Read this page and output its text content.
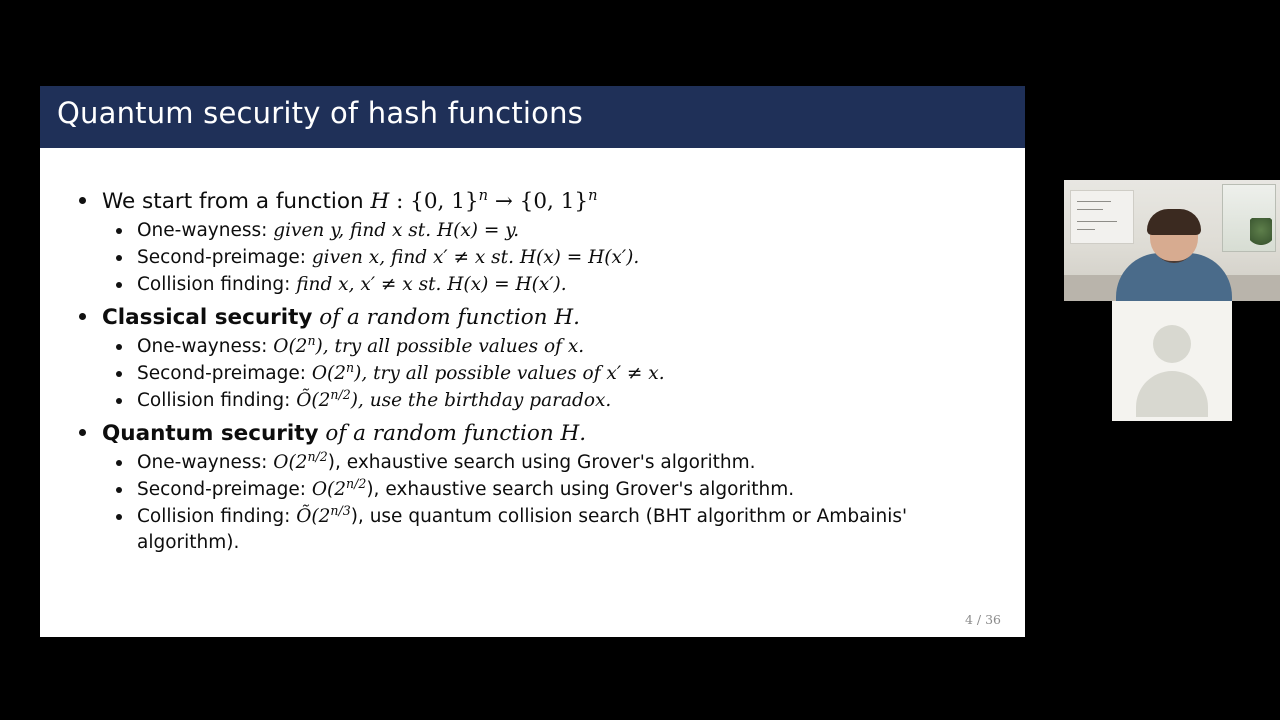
Quantum security of hash functions
We start from a function H : {0, 1}$^n$ → {0, 1}$^n$
One-wayness: given y, find x st. H(x) = y.
Second-preimage: given x, find x′ ≠ x st. H(x) = H(x′).
Collision finding: find x, x′ ≠ x st. H(x) = H(x′).
Classical security of a random function H.
One-wayness: O(2$^n$), try all possible values of x.
Second-preimage: O(2$^n$), try all possible values of x′ ≠ x.
Collision finding: $Õ(2^{n/2})$, use the birthday paradox.
Quantum security of a random function H.
One-wayness: $O(2^{n/2})$, exhaustive search using Grover's algorithm.
Second-preimage: $O(2^{n/2})$, exhaustive search using Grover's algorithm.
Collision finding: $Õ(2^{n/3})$, use quantum collision search (BHT algorithm or Ambainis' algorithm).
4 / 36
